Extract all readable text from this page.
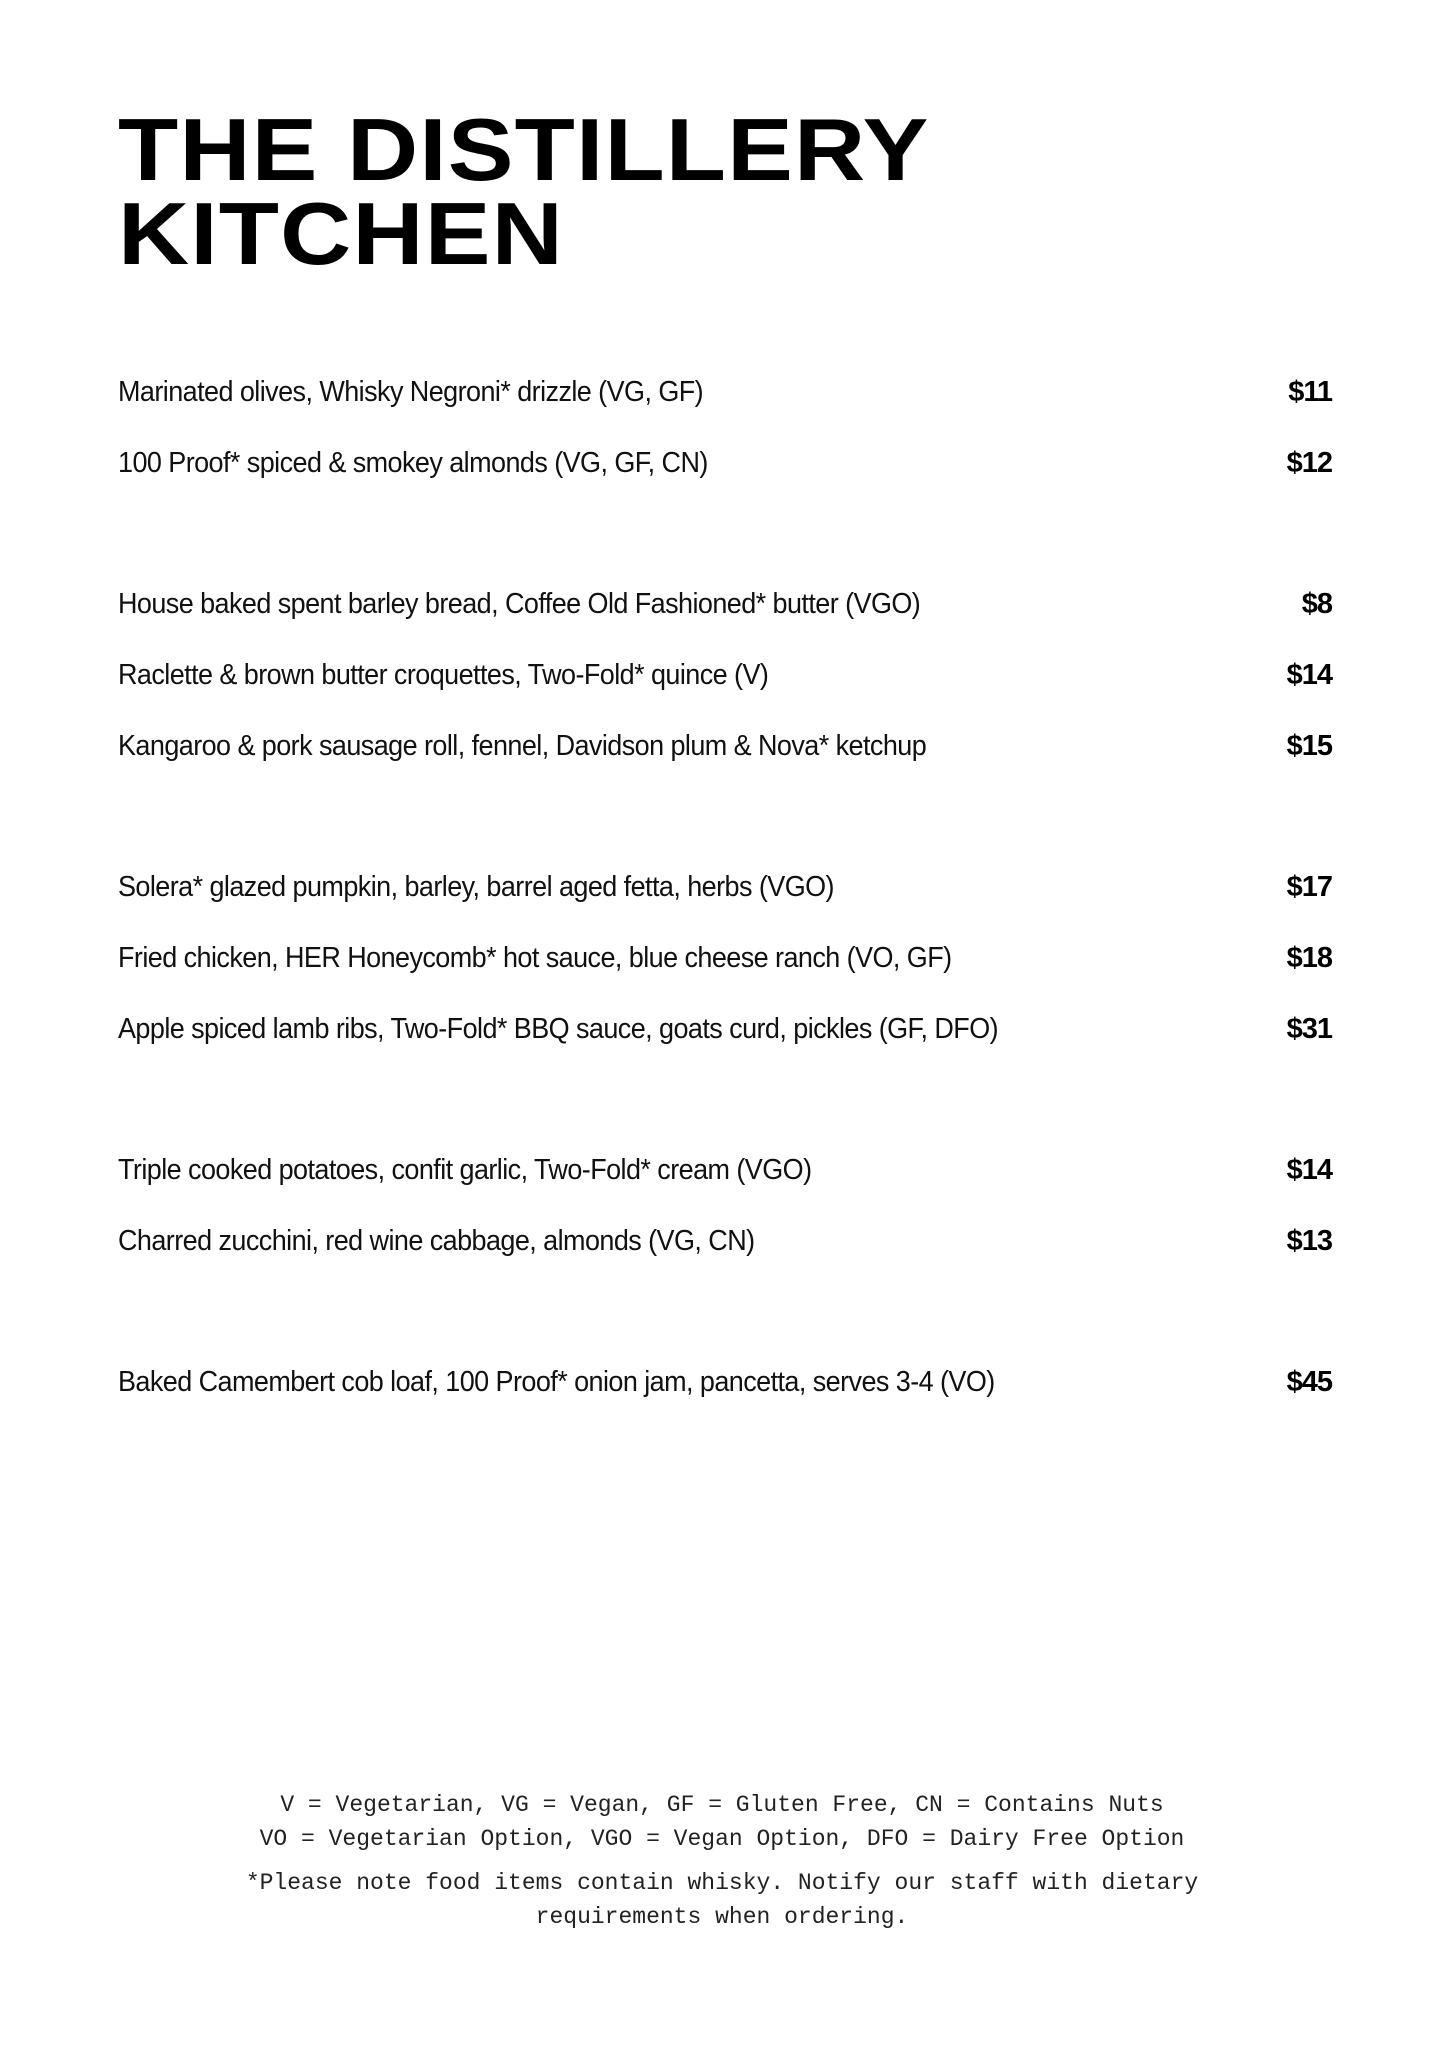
THE DISTILLERY
KITCHEN
Marinated olives, Whisky Negroni* drizzle (VG, GF)	$11
100 Proof* spiced & smokey almonds (VG, GF, CN)	$12
House baked spent barley bread, Coffee Old Fashioned* butter (VGO)	$8
Raclette & brown butter croquettes, Two-Fold* quince (V)	$14
Kangaroo & pork sausage roll, fennel, Davidson plum & Nova* ketchup	$15
Solera* glazed pumpkin, barley, barrel aged fetta, herbs (VGO)	$17
Fried chicken, HER Honeycomb* hot sauce, blue cheese ranch (VO, GF)	$18
Apple spiced lamb ribs, Two-Fold* BBQ sauce, goats curd, pickles (GF, DFO)	$31
Triple cooked potatoes, confit garlic, Two-Fold* cream (VGO)	$14
Charred zucchini, red wine cabbage, almonds (VG, CN)	$13
Baked Camembert cob loaf, 100 Proof* onion jam, pancetta, serves 3-4 (VO)	$45

V = Vegetarian, VG = Vegan, GF = Gluten Free, CN = Contains Nuts

VO = Vegetarian Option, VGO = Vegan Option, DFO = Dairy Free Option

*Please note food items contain whisky. Notify our staff with dietary requirements when ordering.
